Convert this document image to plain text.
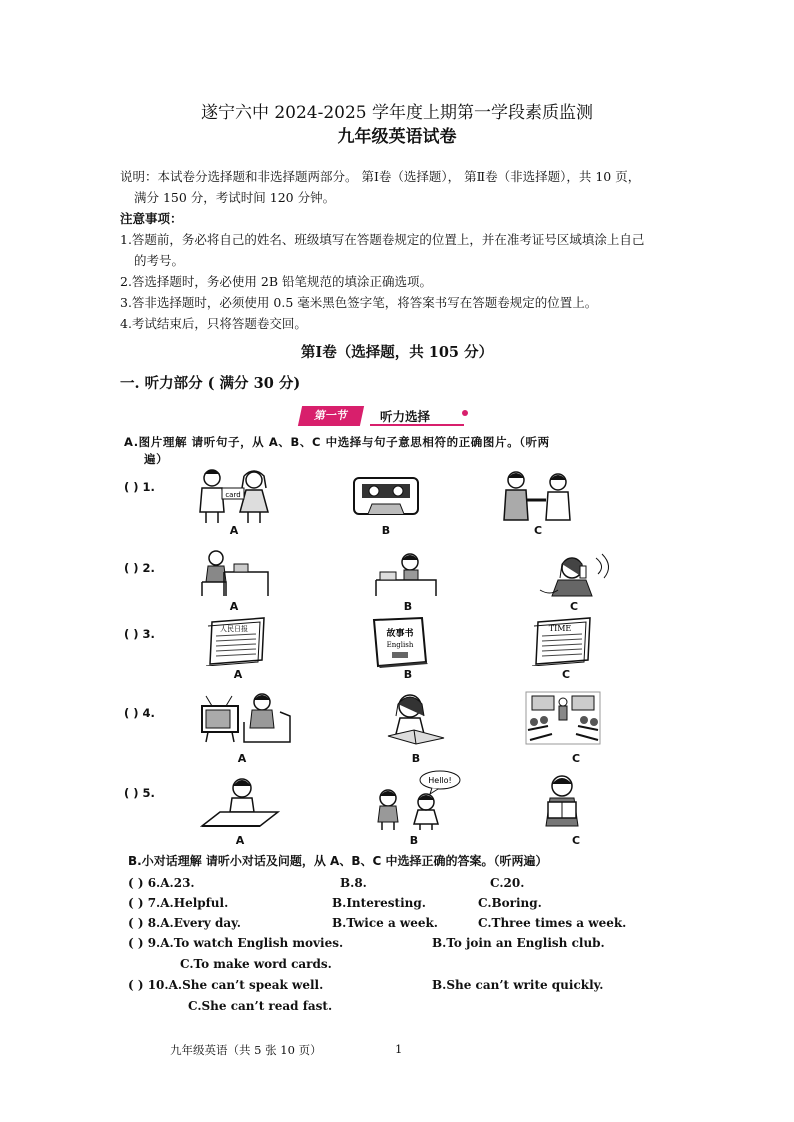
遂宁六中 2024-2025 学年度上期第一学段素质监测
九年级英语试卷
说明：本试卷分选择题和非选择题两部分。 第Ⅰ卷（选择题）， 第Ⅱ卷（非选择题），共 10 页，
满分 150 分，考试时间 120 分钟。
注意事项：
1.答题前，务必将自己的姓名、班级填写在答题卷规定的位置上，并在准考证号区域填涂上自己
的考号。
2.答选择题时，务必使用 2B 铅笔规范的填涂正确选项。
3.答非选择题时，必须使用 0.5 毫米黑色签字笔，将答案书写在答题卷规定的位置上。
4.考试结束后，只将答题卷交回。
第Ⅰ卷（选择题，共 105 分）
一. 听力部分 ( 满分 30 分)
第一节	听力选择
A.图片理解 请听句子，从 A、B、C 中选择与句子意思相符的正确图片。（听两
遍）
( ) 1.
card
A	B	C
( ) 2.
A	B	C
( ) 3.	人民日报	故事书
English
TIME
A	B	C
( ) 4.
A	B	C
( ) 5.
Hello!
A	B	C
B.小对话理解 请听小对话及问题，从 A、B、C 中选择正确的答案。（听两遍）
( ) 6.A.23.	B.8.	C.20.
( ) 7.A.Helpful.	B.Interesting.	C.Boring.
( ) 8.A.Every day.	B.Twice a week.	C.Three times a week.
( ) 9.A.To watch English movies.	B.To join an English club.
C.To make word cards.
( ) 10.A.She can’t speak well.	B.She can’t write quickly.
C.She can’t read fast.
九年级英语（共 5 张 10 页）	1
